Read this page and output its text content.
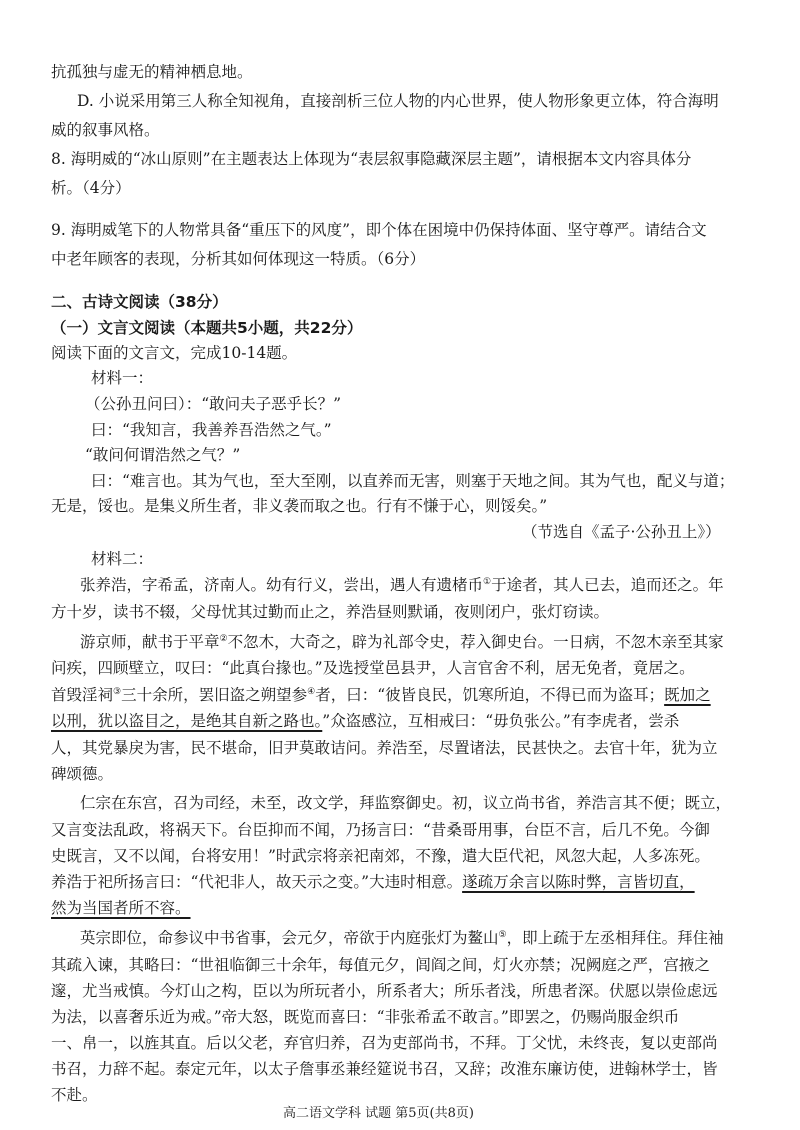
抗孤独与虚无的精神栖息地。
D. 小说采用第三人称全知视角，直接剖析三位人物的内心世界，使人物形象更立体，符合海明
威的叙事风格。
8. 海明威的“冰山原则”在主题表达上体现为“表层叙事隐藏深层主题”，请根据本文内容具体分
析。（4分）
9. 海明威笔下的人物常具备“重压下的风度”，即个体在困境中仍保持体面、坚守尊严。请结合文
中老年顾客的表现，分析其如何体现这一特质。（6分）
二、古诗文阅读（38分）
（一）文言文阅读（本题共5小题，共22分）
阅读下面的文言文，完成10-14题。
材料一：
（公孙丑问曰）：“敢问夫子恶乎长？”
曰：“我知言，我善养吾浩然之气。”
“敢问何谓浩然之气？”
曰：“难言也。其为气也，至大至刚，以直养而无害，则塞于天地之间。其为气也，配义与道；
无是，馁也。是集义所生者，非义袭而取之也。行有不慊于心，则馁矣。”
（节选自《孟子·公孙丑上》）
材料二：
张养浩，字希孟，济南人。幼有行义，尝出，遇人有遗楮币①于途者，其人已去，追而还之。年
方十岁，读书不辍，父母忧其过勤而止之，养浩昼则默诵，夜则闭户，张灯窃读。
游京师，献书于平章②不忽木，大奇之，辟为礼部令史，荐入御史台。一日病，不忽木亲至其家
问疾，四顾壁立，叹曰：“此真台掾也。”及选授堂邑县尹，人言官舍不利，居无免者，竟居之。
首毁淫祠③三十余所，罢旧盗之朔望参④者，曰：“彼皆良民，饥寒所迫，不得已而为盗耳；既加之
以刑，犹以盗目之，是绝其自新之路也。”众盗感泣，互相戒曰：“毋负张公。”有李虎者，尝杀
人，其党暴戾为害，民不堪命，旧尹莫敢诘问。养浩至，尽置诸法，民甚快之。去官十年，犹为立
碑颂德。
仁宗在东宫，召为司经，未至，改文学，拜监察御史。初，议立尚书省，养浩言其不便；既立，
又言变法乱政，将祸天下。台臣抑而不闻，乃扬言曰：“昔桑哥用事，台臣不言，后几不免。今御
史既言，又不以闻，台将安用！”时武宗将亲祀南郊，不豫，遣大臣代祀，风忽大起，人多冻死。
养浩于祀所扬言曰：“代祀非人，故天示之变。”大违时相意。遂疏万余言以陈时弊，言皆切直，
然为当国者所不容。
英宗即位，命参议中书省事，会元夕，帝欲于内庭张灯为鳌山⑤，即上疏于左丞相拜住。拜住袖
其疏入谏，其略曰：“世祖临御三十余年，每值元夕，闾阎之间，灯火亦禁；况阙庭之严，宫掖之
邃，尤当戒慎。今灯山之构，臣以为所玩者小，所系者大；所乐者浅，所患者深。伏愿以崇俭虑远
为法，以喜奢乐近为戒。”帝大怒，既览而喜曰：“非张希孟不敢言。”即罢之，仍赐尚服金织币
一、帛一，以旌其直。后以父老，弃官归养，召为吏部尚书，不拜。丁父忧，未终丧，复以吏部尚
书召，力辞不起。泰定元年，以太子詹事丞兼经筵说书召，又辞；改淮东廉访使，进翰林学士，皆
不赴。
高二语文学科 试题 第5页(共8页)
